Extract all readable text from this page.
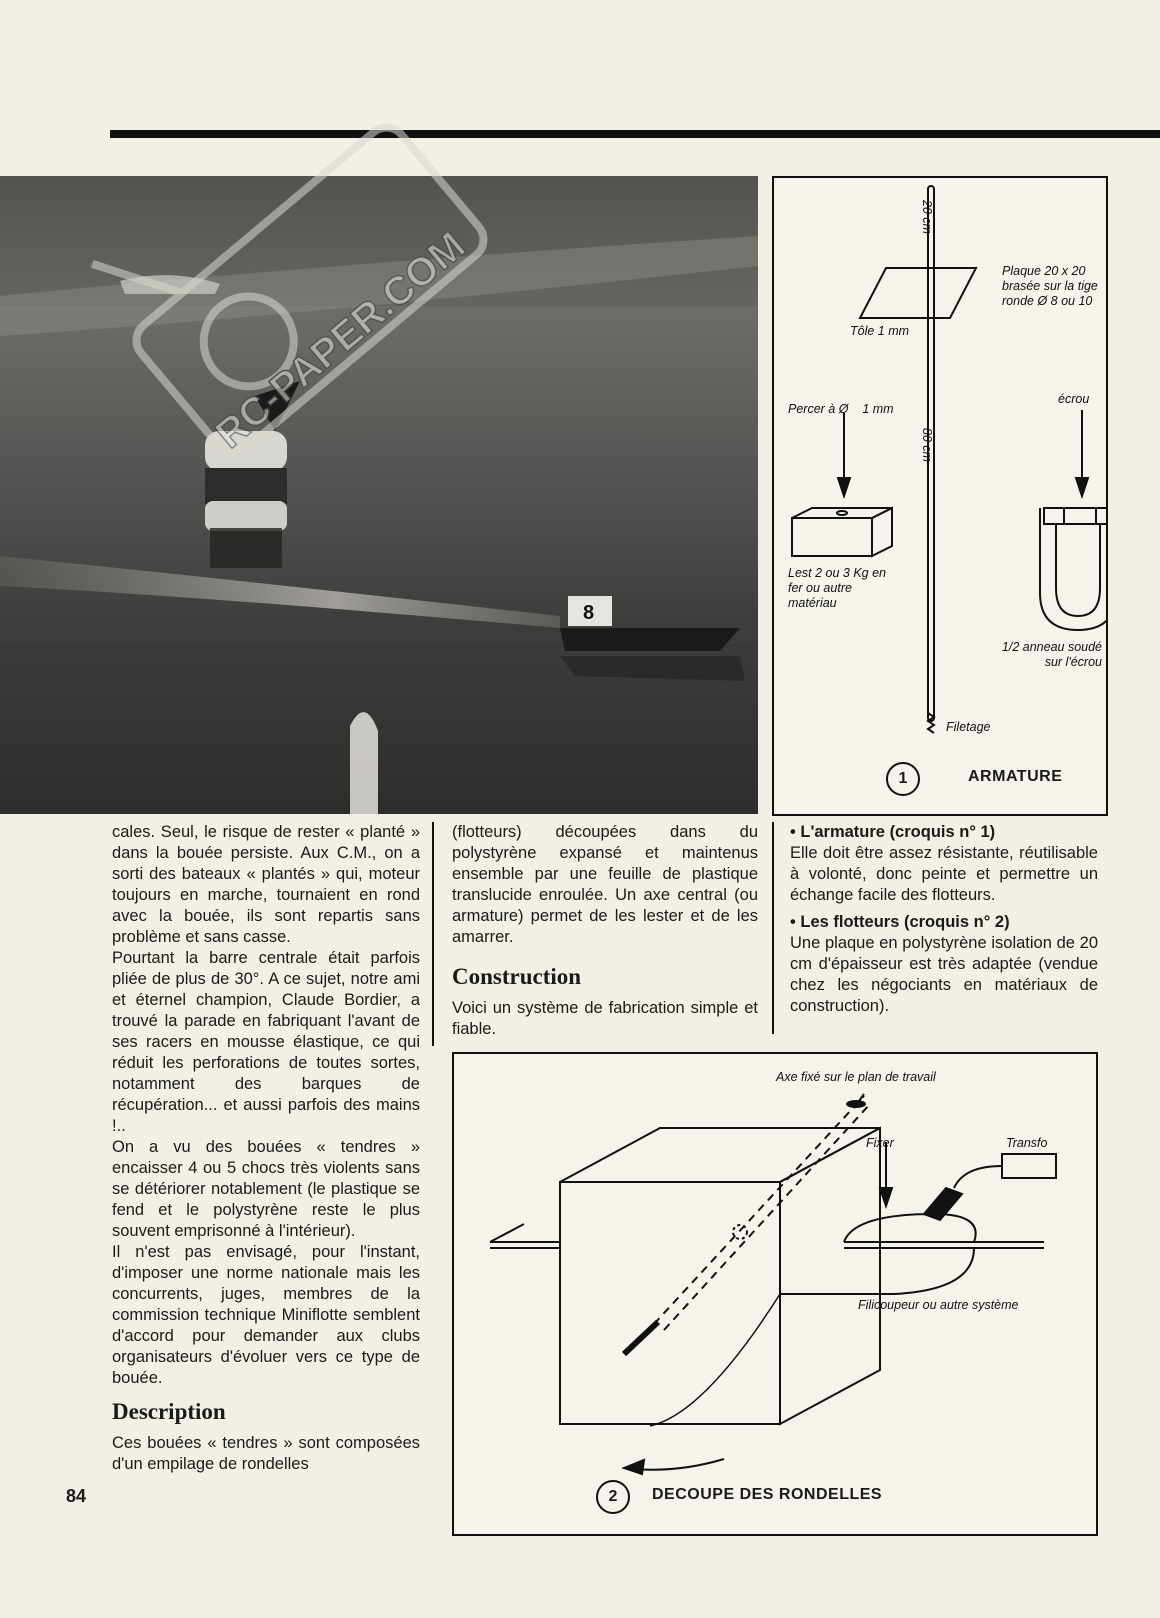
8
RC-PAPER.COM
20 cm
Plaque 20 x 20 brasée sur la tige ronde Ø 8 ou 10
Tôle 1 mm
Percer à Ø    1 mm
80 cm
écrou
Lest 2 ou 3 Kg en fer ou autre matériau
1/2 anneau soudé sur l'écrou
Filetage
1	ARMATURE

cales. Seul, le risque de rester « planté » dans la bouée persiste. Aux C.M., on a sorti des bateaux « plantés » qui, moteur toujours en marche, tournaient en rond avec la bouée, ils sont repartis sans problème et sans casse.

Pourtant la barre centrale était parfois pliée de plus de 30°. A ce sujet, notre ami et éternel champion, Claude Bordier, a trouvé la parade en fabriquant l'avant de ses racers en mousse élastique, ce qui réduit les perforations de toutes sortes, notamment des barques de récupération... et aussi parfois des mains !..

On a vu des bouées « tendres » encaisser 4 ou 5 chocs très violents sans se détériorer notablement (le plastique se fend et le polystyrène reste le plus souvent emprisonné à l'intérieur).

Il n'est pas envisagé, pour l'instant, d'imposer une norme nationale mais les concurrents, juges, membres de la commission technique Miniflotte semblent d'accord pour demander aux clubs organisateurs d'évoluer vers ce type de bouée.

Description

Ces bouées « tendres » sont composées d'un empilage de rondelles

(flotteurs) découpées dans du polystyrène expansé et maintenus ensemble par une feuille de plastique translucide enroulée. Un axe central (ou armature) permet de les lester et de les amarrer.

Construction

Voici un système de fabrication simple et fiable.

• L'armature (croquis n° 1)

Elle doit être assez résistante, réutilisable à volonté, donc peinte et permettre un échange facile des flotteurs.

• Les flotteurs (croquis n° 2)

Une plaque en polystyrène isolation de 20 cm d'épaisseur est très adaptée (vendue chez les négociants en matériaux de construction).

Axe fixé sur le plan de travail
Fixer	Transfo
Filicoupeur ou autre système
2	DECOUPE DES RONDELLES
84
